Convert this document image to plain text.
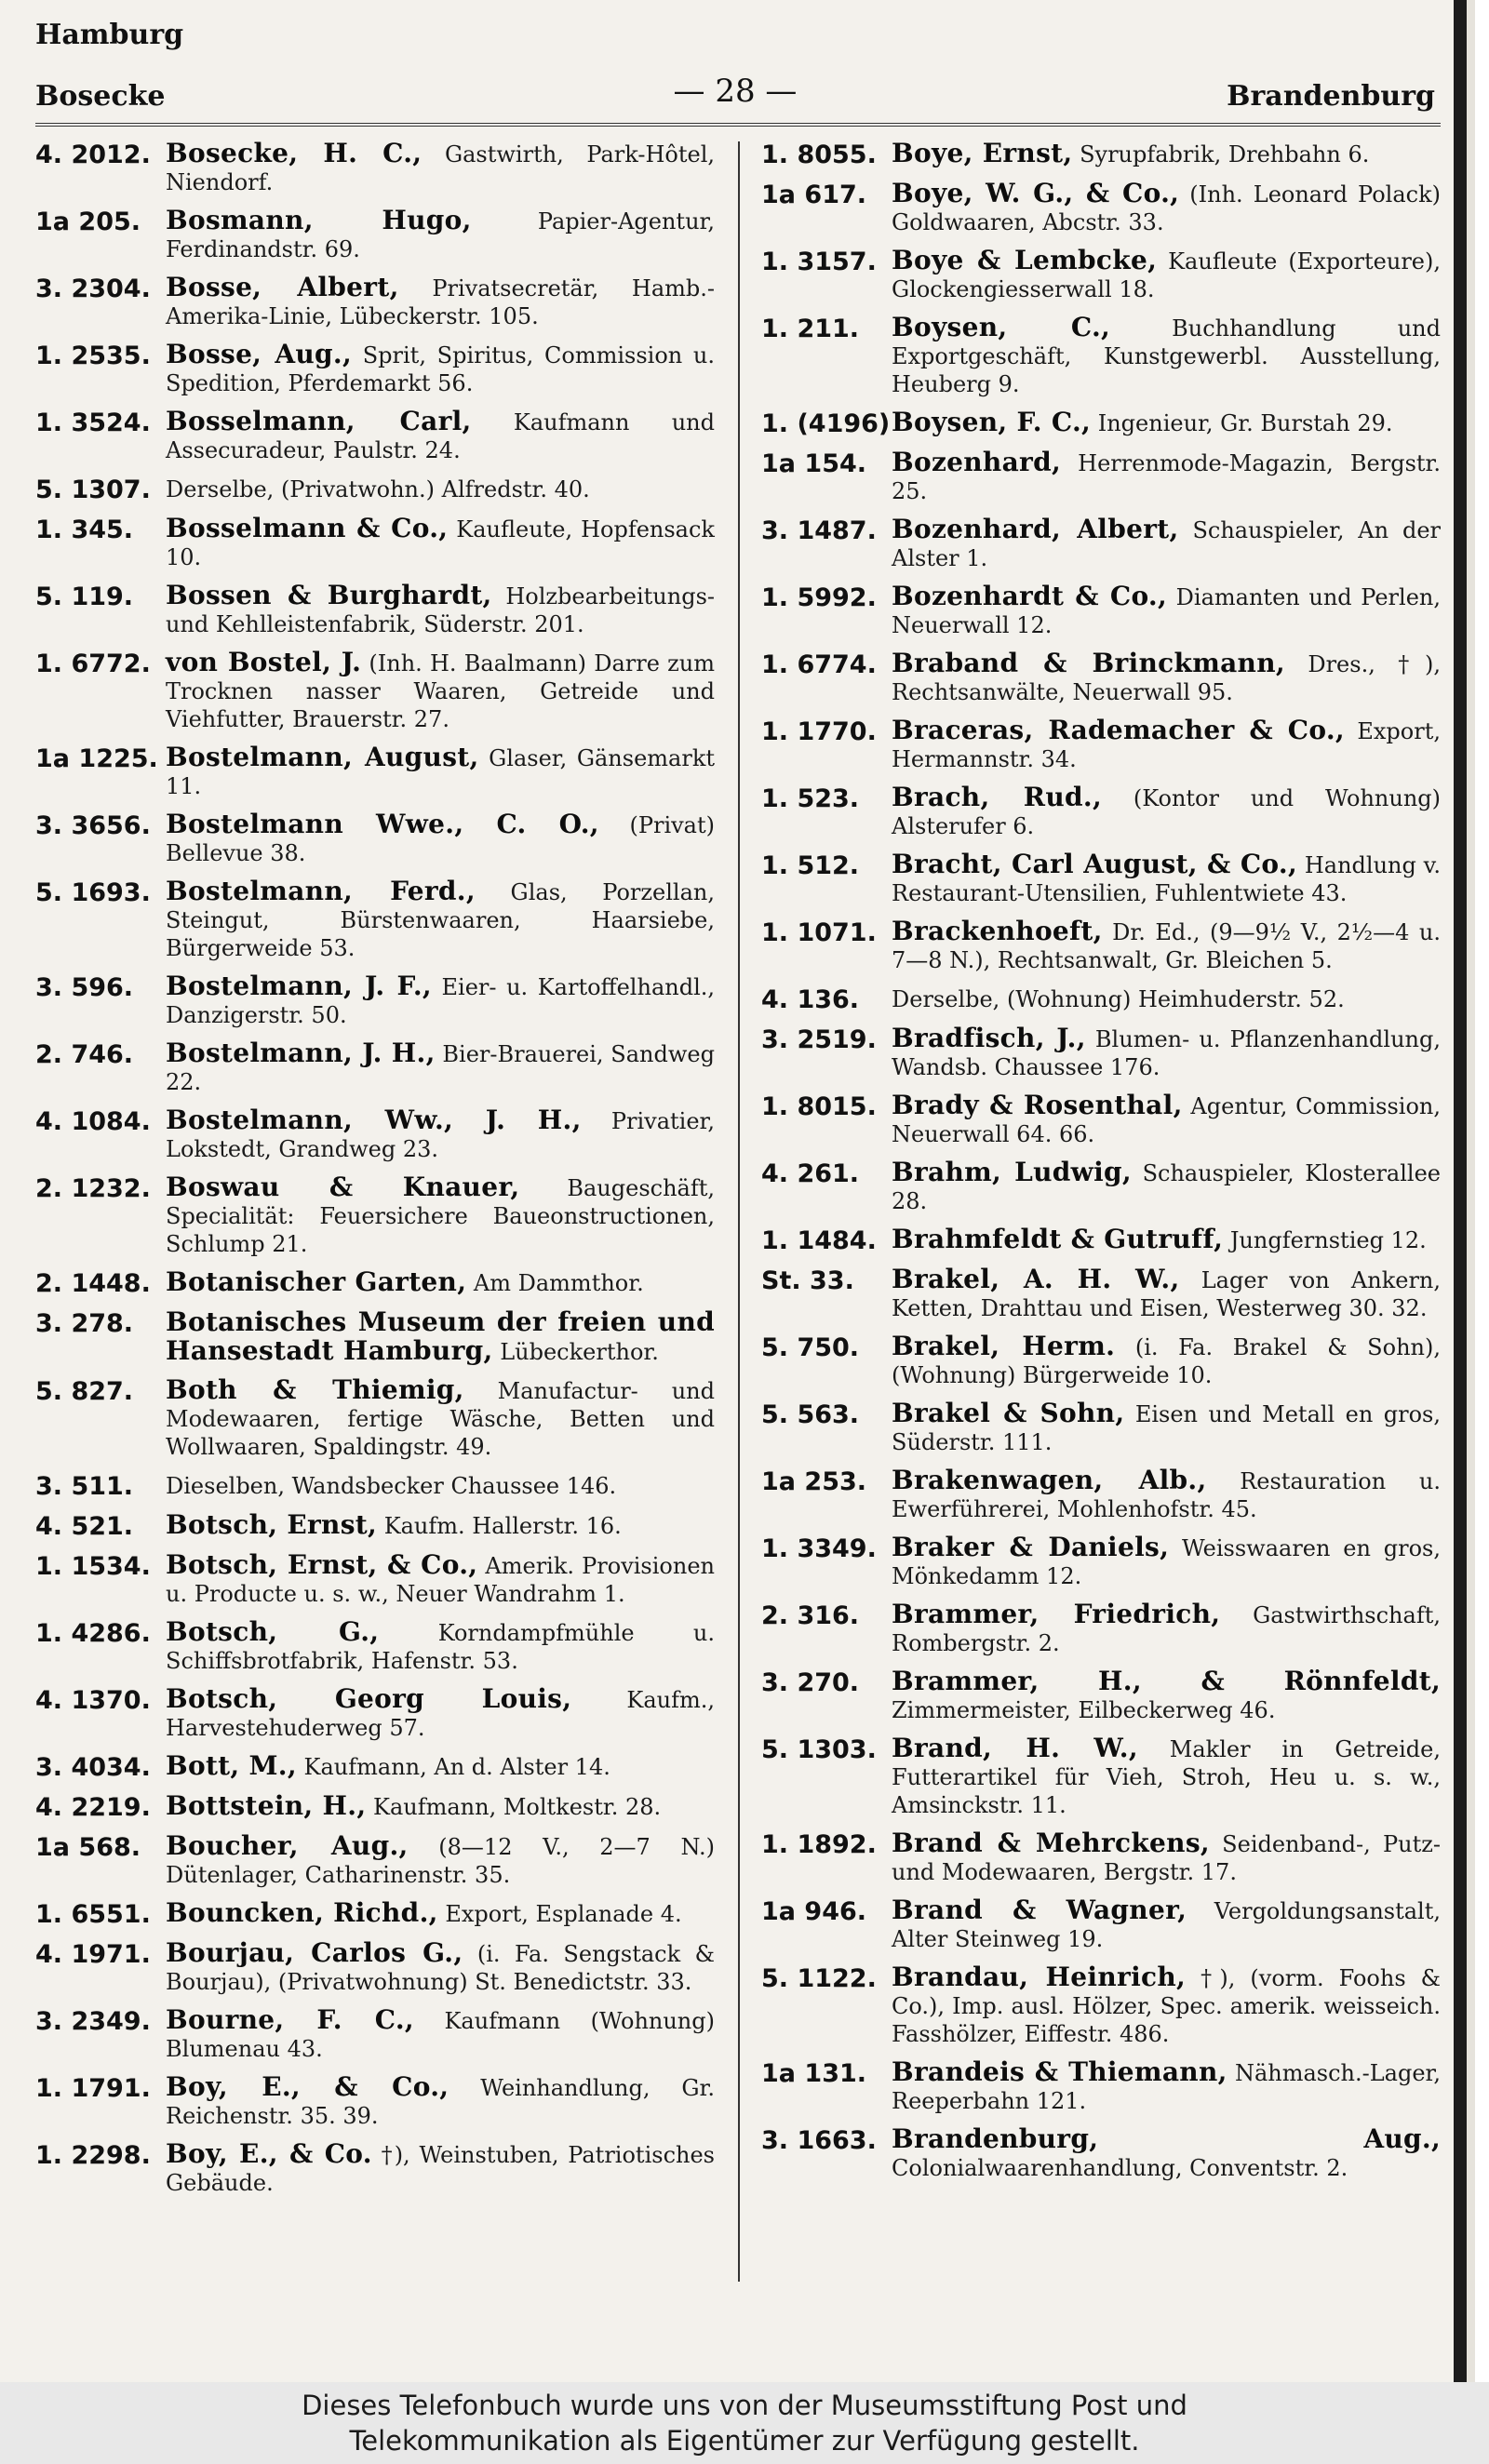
Hamburg
Bosecke	— 28 —	Brandenburg
4. 2012. Bosecke, H. C., Gastwirth, Park-Hôtel, Niendorf.
1a 205. Bosmann, Hugo,	Papier-Agentur, Ferdinandstr. 69.
3. 2304. Bosse, Albert, Privatsecretär, Hamb.-Amerika-Linie, Lübeckerstr. 105.
1. 2535. Bosse, Aug., Sprit, Spiritus, Commission u. Spedition, Pferdemarkt 56.
1. 3524. Bosselmann, Carl, Kaufmann und Assecuradeur, Paulstr. 24.
5. 1307. Derselbe, (Privatwohn.) Alfredstr. 40.
1. 345.	Bosselmann & Co., Kaufleute, Hopfensack 10.
5. 119.	Bossen & Burghardt, Holzbearbeitungs- und Kehlleistenfabrik, Süderstr. 201.
1. 6772. von Bostel, J. (Inh. H. Baalmann) Darre zum Trocknen nasser Waaren, Getreide und Viehfutter, Brauerstr. 27.
1a 1225. Bostelmann, August, Glaser, Gänsemarkt 11.
3. 3656. Bostelmann Wwe., C. O., (Privat) Bellevue 38.
5. 1693. Bostelmann, Ferd., Glas, Porzellan, Steingut, Bürstenwaaren, Haarsiebe, Bürgerweide 53.
3. 596.	Bostelmann, J. F., Eier- u. Kartoffelhandl., Danzigerstr. 50.
2. 746.	Bostelmann, J. H., Bier-Brauerei, Sandweg 22.
4. 1084. Bostelmann, Ww., J. H., Privatier, Lokstedt, Grandweg 23.
2. 1232. Boswau & Knauer, Baugeschäft, Specialität: Feuersichere Baueonstructionen, Schlump 21.
2. 1448. Botanischer Garten, Am Dammthor.
3. 278.	Botanisches Museum der freien und Hansestadt Hamburg, Lübeckerthor.
5. 827.	Both & Thiemig, Manufactur- und Modewaaren, fertige Wäsche, Betten und Wollwaaren, Spaldingstr. 49.
3. 511.	Dieselben, Wandsbecker Chaussee 146.
4. 521.	Botsch, Ernst, Kaufm. Hallerstr. 16.
1. 1534. Botsch, Ernst, & Co., Amerik. Provisionen u. Producte u. s. w., Neuer Wandrahm 1.
1. 4286. Botsch, G.,	Korndampfmühle u. Schiffsbrotfabrik, Hafenstr. 53.
4. 1370. Botsch, Georg Louis, Kaufm., Harvestehuderweg 57.
3. 4034. Bott, M., Kaufmann, An d. Alster 14.
4. 2219. Bottstein, H., Kaufmann, Moltkestr. 28.
1a 568. Boucher, Aug., (8—12 V., 2—7 N.) Dütenlager, Catharinenstr. 35.
1. 6551. Bouncken, Richd., Export, Esplanade 4.
4. 1971. Bourjau, Carlos G., (i. Fa. Sengstack & Bourjau), (Privatwohnung) St. Benedictstr. 33.
3. 2349. Bourne, F. C., Kaufmann (Wohnung) Blumenau 43.
1. 1791. Boy, E., & Co., Weinhandlung, Gr. Reichenstr. 35. 39.
1. 2298. Boy, E., & Co. †), Weinstuben, Patriotisches Gebäude.
1. 8055. Boye, Ernst, Syrupfabrik, Drehbahn 6.
1a 617. Boye, W. G., & Co., (Inh. Leonard Polack) Goldwaaren, Abcstr. 33.
1. 3157. Boye & Lembcke, Kaufleute (Exporteure), Glockengiesserwall 18.
1. 211.	Boysen, C.,	Buchhandlung und Exportgeschäft, Kunstgewerbl. Ausstellung, Heuberg 9.
1. (4196) Boysen, F. C., Ingenieur, Gr. Burstah 29.
1a 154. Bozenhard, Herrenmode-Magazin, Bergstr. 25.
3. 1487. Bozenhard, Albert, Schauspieler, An der Alster 1.
1. 5992. Bozenhardt & Co., Diamanten und Perlen, Neuerwall 12.
1. 6774. Braband & Brinckmann, Dres., †), Rechtsanwälte, Neuerwall 95.
1. 1770. Braceras, Rademacher & Co., Export, Hermannstr. 34.
1. 523.	Brach, Rud., (Kontor und Wohnung) Alsterufer 6.
1. 512.	Bracht, Carl August, & Co., Handlung v. Restaurant-Utensilien, Fuhlentwiete 43.
1. 1071. Brackenhoeft, Dr. Ed., (9—9½ V., 2½—4 u. 7—8 N.), Rechtsanwalt, Gr. Bleichen 5.
4. 136.	Derselbe, (Wohnung) Heimhuderstr. 52.
3. 2519. Bradfisch, J., Blumen- u. Pflanzenhandlung, Wandsb. Chaussee 176.
1. 8015. Brady & Rosenthal, Agentur, Commission, Neuerwall 64. 66.
4. 261.	Brahm, Ludwig, Schauspieler, Klosterallee 28.
1. 1484. Brahmfeldt & Gutruff, Jungfernstieg 12.
St. 33.	Brakel, A. H. W., Lager von Ankern, Ketten, Drahttau und Eisen, Westerweg 30. 32.
5. 750.	Brakel, Herm. (i. Fa. Brakel & Sohn), (Wohnung) Bürgerweide 10.
5. 563.	Brakel & Sohn, Eisen und Metall en gros, Süderstr. 111.
1a 253. Brakenwagen, Alb., Restauration u. Ewerführerei, Mohlenhofstr. 45.
1. 3349. Braker & Daniels, Weisswaaren en gros, Mönkedamm 12.
2. 316.	Brammer, Friedrich, Gastwirthschaft, Rombergstr. 2.
3. 270.	Brammer, H., & Rönnfeldt, Zimmermeister, Eilbeckerweg 46.
5. 1303. Brand, H. W., Makler in Getreide, Futterartikel für Vieh, Stroh, Heu u. s. w., Amsinckstr. 11.
1. 1892. Brand & Mehrckens, Seidenband-, Putz- und Modewaaren, Bergstr. 17.
1a 946. Brand & Wagner, Vergoldungsanstalt, Alter Steinweg 19.
5. 1122. Brandau, Heinrich, †), (vorm. Foohs & Co.), Imp. ausl. Hölzer, Spec. amerik. weisseich. Fasshölzer, Eiffestr. 486.
1a 131. Brandeis & Thiemann, Nähmasch.-Lager, Reeperbahn 121.
3. 1663. Brandenburg, Aug., Colonialwaarenhandlung, Conventstr. 2.
Dieses Telefonbuch wurde uns von der Museumsstiftung Post und
Telekommunikation als Eigentümer zur Verfügung gestellt.
